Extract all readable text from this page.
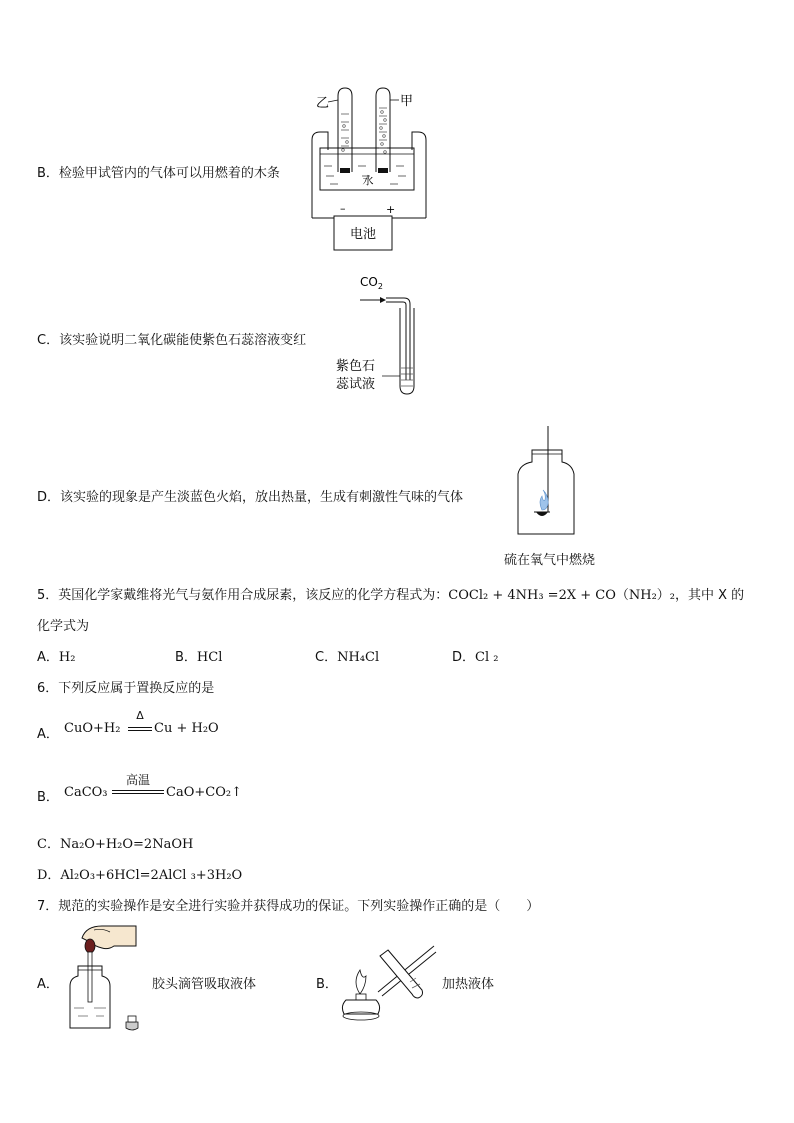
B．检验甲试管内的气体可以用燃着的木条
乙	甲
水
–	+
电池
C．该实验说明二氧化碳能使紫色石蕊溶液变红
$CO_2$
紫色石
蕊试液
D．该实验的现象是产生淡蓝色火焰，放出热量，生成有刺激性气味的气体
硫在氧气中燃烧
5．英国化学家戴维将光气与氨作用合成尿素，该反应的化学方程式为：COCl₂ + 4NH₃ =2X + CO（NH₂）₂，其中 X 的
化学式为
A．H₂	B．HCl	C．NH₄Cl	D．Cl ₂
6．下列反应属于置换反应的是
A． CuO+H₂
Δ
Cu + H₂O
B． CaCO₃
高温
CaO+CO₂↑
C．Na₂O+H₂O=2NaOH
D．Al₂O₃+6HCl=2AlCl ₃+3H₂O
7．规范的实验操作是安全进行实验并获得成功的保证。下列实验操作正确的是（　　）
A．	胶头滴管吸取液体	B．	加热液体
